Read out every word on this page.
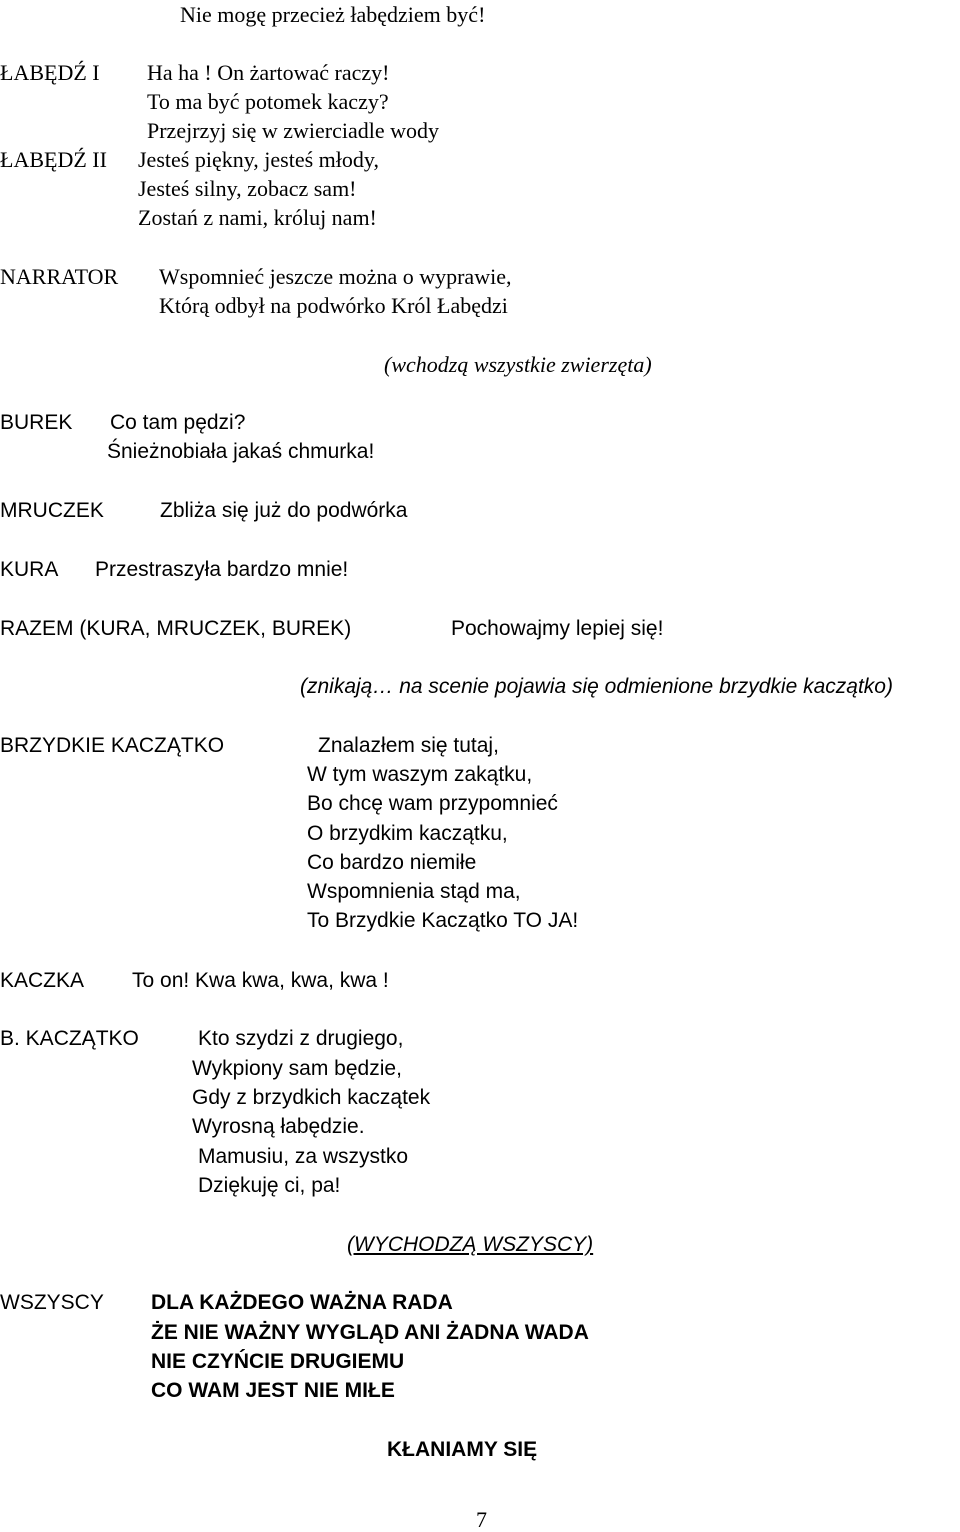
Nie mogę przecież łabędziem być!
ŁABĘDŹ I Ha ha ! On żartować raczy!
To ma być potomek kaczy?
Przejrzyj się w zwierciadle wody
ŁABĘDŹ II Jesteś piękny, jesteś młody,
Jesteś silny, zobacz sam!
Zostań z nami, króluj nam!
NARRATOR Wspomnieć jeszcze można o wyprawie,
Którą odbył na podwórko Król Łabędzi
(wchodzą wszystkie zwierzęta)
BUREK Co tam pędzi?
Śnieżnobiała jakaś chmurka!
MRUCZEK	Zbliża się już do podwórka
KURA Przestraszyła bardzo mnie!
RAZEM (KURA, MRUCZEK, BUREK)	Pochowajmy lepiej się!
(znikają… na scenie pojawia się odmienione brzydkie kaczątko)
BRZYDKIE KACZĄTKO	Znalazłem się tutaj,
W tym waszym zakątku,
Bo chcę wam przypomnieć
O brzydkim kaczątku,
Co bardzo niemiłe
Wspomnienia stąd ma,
To Brzydkie Kaczątko TO JA!
KACZKA To on! Kwa kwa, kwa, kwa !
B. KACZĄTKO	Kto szydzi z drugiego,
Wykpiony sam będzie,
Gdy z brzydkich kaczątek
Wyrosną łabędzie.
Mamusiu, za wszystko
Dziękuję ci, pa!
(WYCHODZĄ WSZYSCY)
WSZYSCY DLA KAŻDEGO WAŻNA RADA
ŻE NIE WAŻNY WYGLĄD ANI ŻADNA WADA
NIE CZYŃCIE DRUGIEMU
CO WAM JEST NIE MIŁE
KŁANIAMY SIĘ
7
